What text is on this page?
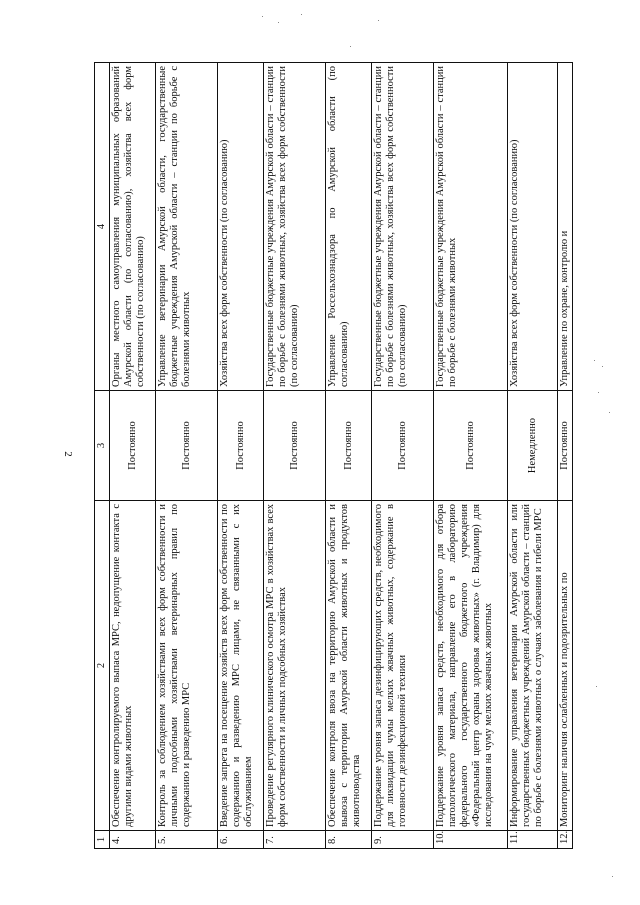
2
1	2	3	4
4.	Обеспечение контролируемого выпаса МРС, недопущение контакта с другими видами животных	Постоянно	Органы местного самоуправления муниципальных образований Амурской области (по согласованию), хозяйства всех форм собственности (по согласованию)
5.	Контроль за соблюдением хозяйствами всех форм собственности и личными подсобными хозяйствами ветеринарных правил по содержанию и разведению МРС	Постоянно	Управление ветеринарии Амурской области, государственные бюджетные учреждения Амурской области – станции по борьбе с болезнями животных
6.	Введение запрета на посещение хозяйств всех форм собственности по содержанию и разведению МРС лицами, не связанными с их обслуживанием	Постоянно	Хозяйства всех форм собственности (по согласованию)
7.	Проведение регулярного клинического осмотра МРС в хозяйствах всех форм собственности и личных подсобных хозяйствах	Постоянно	Государственные бюджетные учреждения Амурской области – станции по борьбе с болезнями животных, хозяйства всех форм собственности (по согласованию)
8.	Обеспечение контроля ввоза на территорию Амурской области и вывоза с территории Амурской области животных и продуктов животноводства	Постоянно	Управление Россельхознадзора по Амурской области (по согласованию)
9.	Поддержание уровня запаса дезинфицирующих средств, необходимого для ликвидации чумы мелких жвачных животных, содержание в готовности дезинфекционной техники	Постоянно	Государственные бюджетные учреждения Амурской области – станции по борьбе с болезнями животных, хозяйства всех форм собственности (по согласованию)
10.	Поддержание уровня запаса средств, необходимого для отбора патологического материала, направление его в лабораторию федерального государственного бюджетного учреждения «Федеральный центр охраны здоровья животных» (г. Владимир) для исследования на чуму мелких жвачных животных	Постоянно	Государственные бюджетные учреждения Амурской области – станции по борьбе с болезнями животных
11.	Информирование управления ветеринарии Амурской области или государственных бюджетных учреждений Амурской области – станций по борьбе с болезнями животных о случаях заболевания и гибели МРС	Немедленно	Хозяйства всех форм собственности (по согласованию)
12.	Мониторинг наличия ослабленных и подозрительных по	Постоянно	Управление по охране, контролю и
